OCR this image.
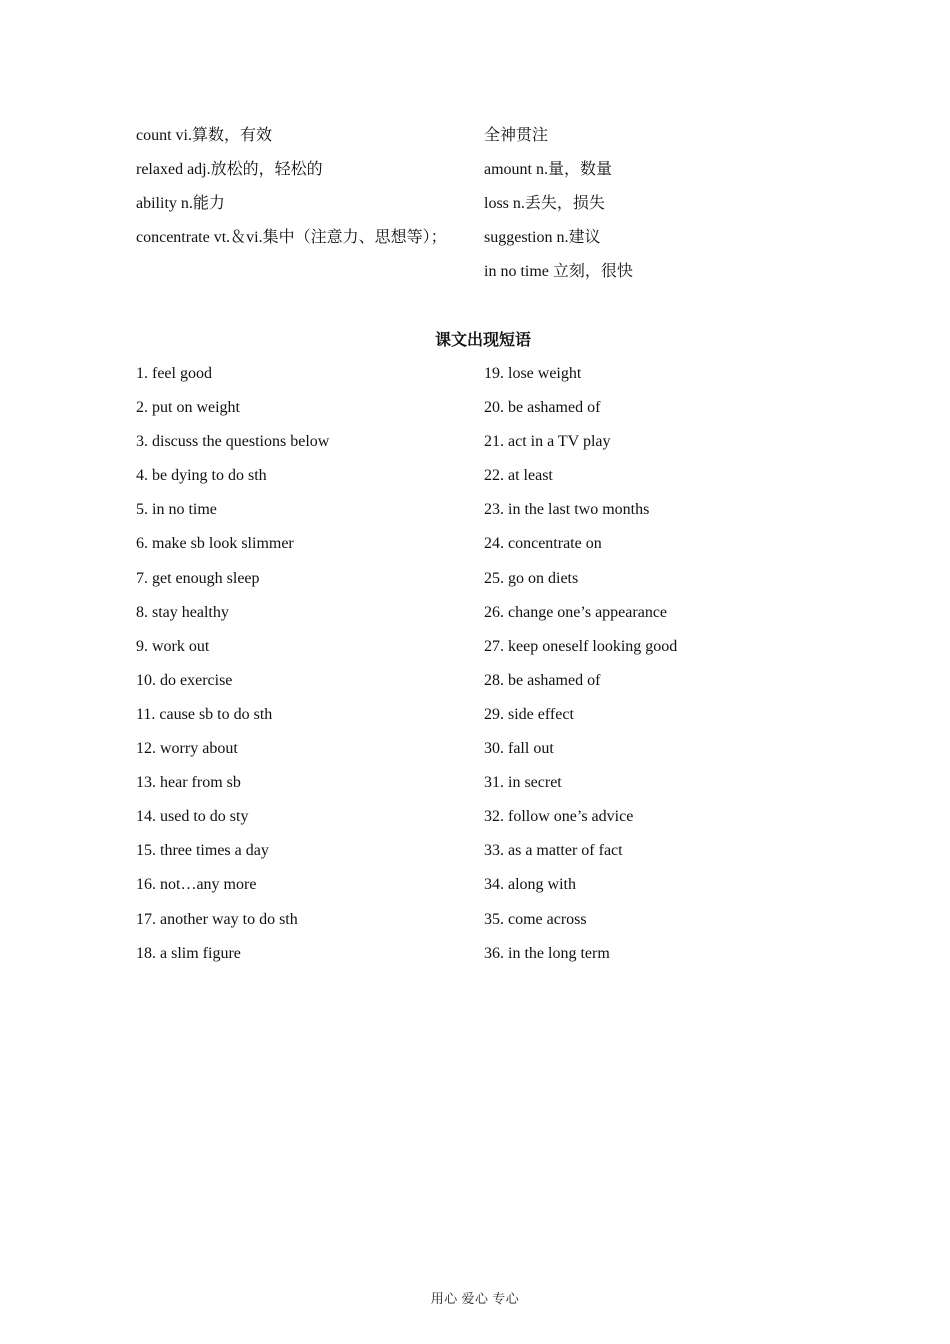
count vi.算数，有效
relaxed adj.放松的，轻松的
ability n.能力
concentrate vt.＆vi.集中（注意力、思想等）；
全神贯注
amount n.量，数量
loss n.丢失，损失
suggestion n.建议
in no time 立刻，很快
课文出现短语
1. feel good
2. put on weight
3. discuss the questions below
4. be dying to do sth
5. in no time
6. make sb look slimmer
7. get enough sleep
8. stay healthy
9. work out
10. do exercise
11. cause sb to do sth
12. worry about
13. hear from sb
14. used to do sty
15. three times a day
16. not…any more
17. another way to do sth
18. a slim figure
19. lose weight
20. be ashamed of
21. act in a TV play
22. at least
23. in the last two months
24. concentrate on
25. go on diets
26. change one’s appearance
27. keep oneself looking good
28. be ashamed of
29. side effect
30. fall out
31. in secret
32. follow one’s advice
33. as a matter of fact
34. along with
35. come across
36. in the long term
用心 爱心 专心
